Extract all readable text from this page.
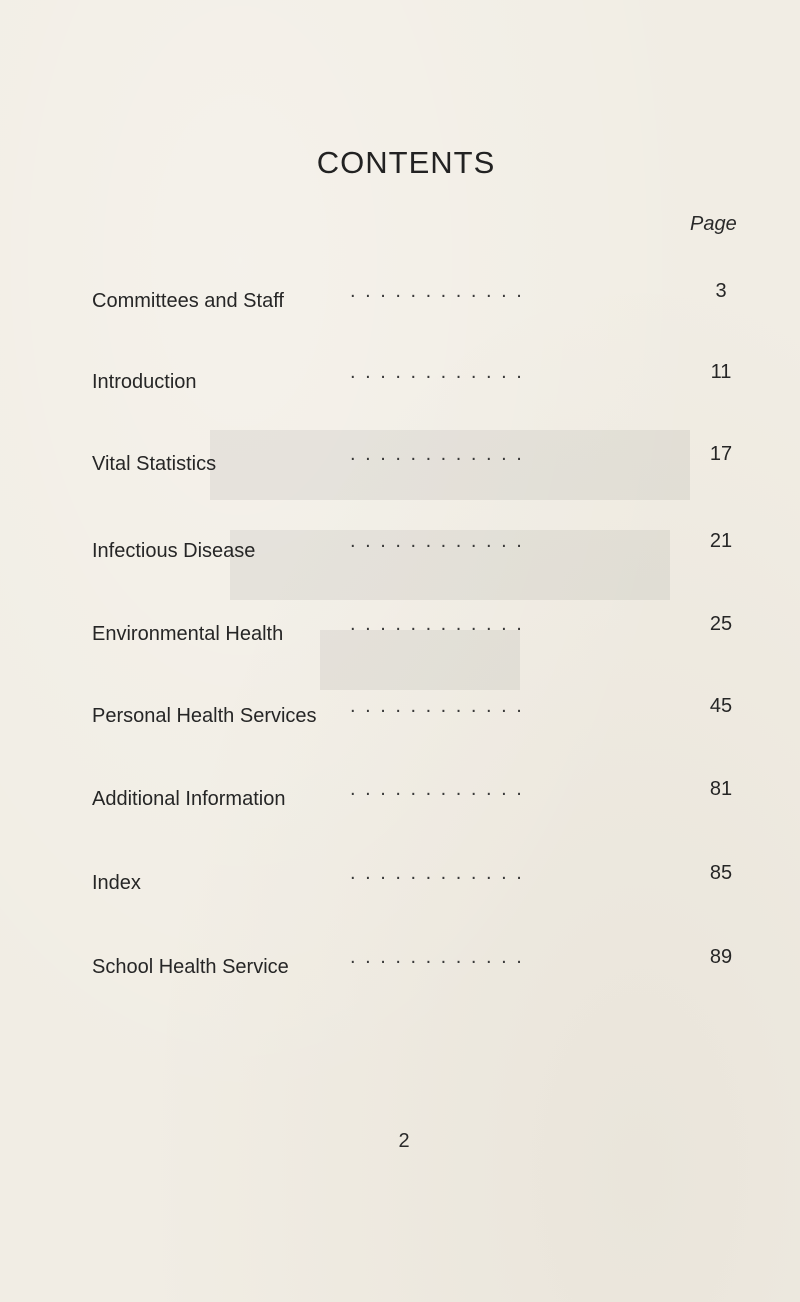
CONTENTS
Page
Committees and Staff	. . . . . . . . . . . .	3
Introduction	. . . . . . . . . . . .	11
Vital Statistics	. . . . . . . . . . . .	17
Infectious Disease	. . . . . . . . . . . .	21
Environmental Health	. . . . . . . . . . . .	25
Personal Health Services . . . . . . . . . . . .	45
Additional Information	. . . . . . . . . . . .	81
Index	. . . . . . . . . . . .	85
School Health Service	. . . . . . . . . . . .	89
2
